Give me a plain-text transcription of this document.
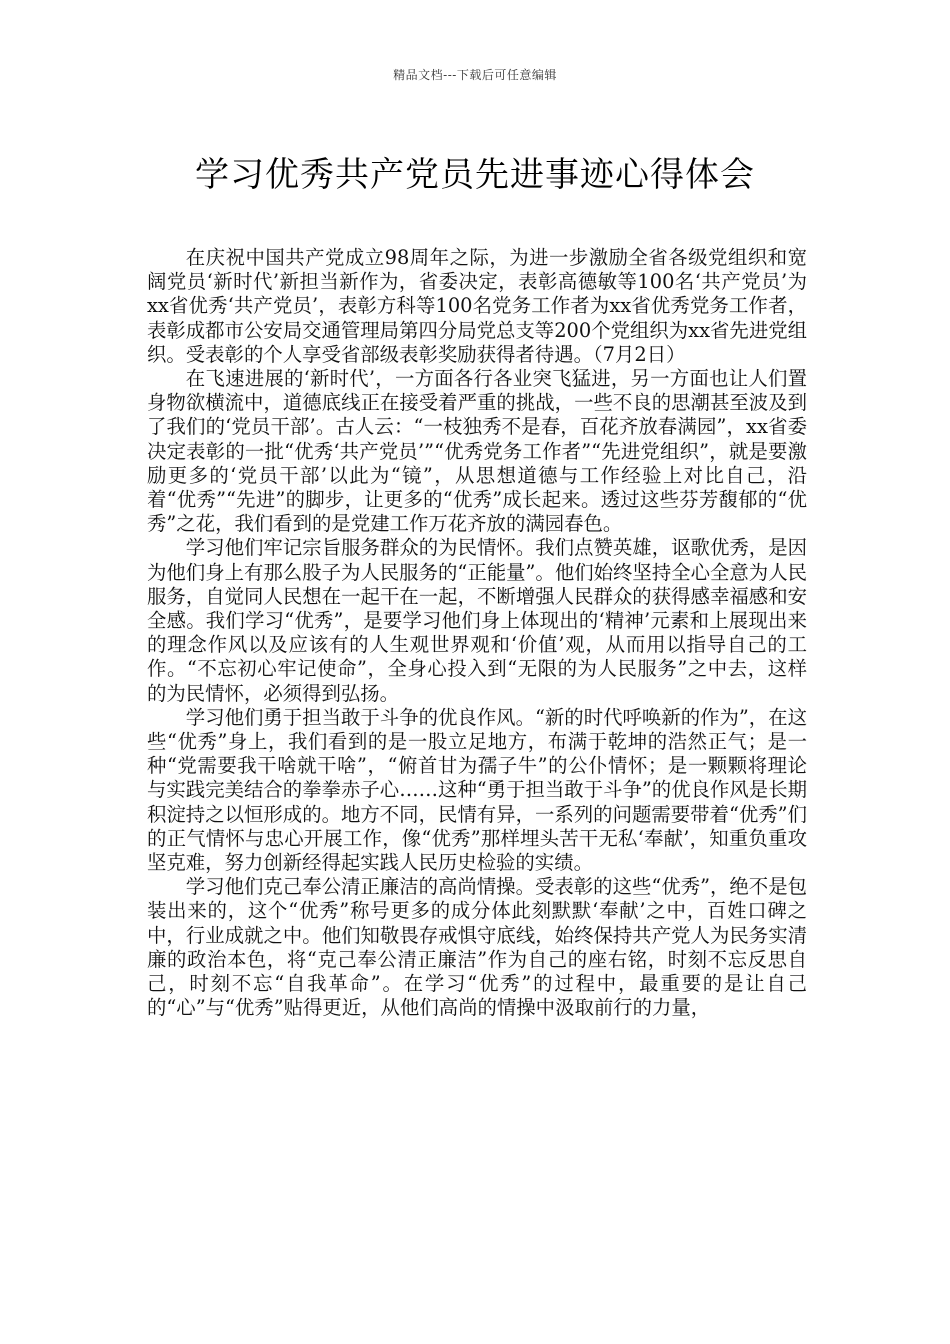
精品文档---下载后可任意编辑
学习优秀共产党员先进事迹心得体会

在庆祝中国共产党成立98周年之际，为进一步激励全省各级党组织和宽阔党员‘新时代’新担当新作为，省委决定，表彰高德敏等100名‘共产党员’为xx省优秀‘共产党员’，表彰方科等100名党务工作者为xx省优秀党务工作者，表彰成都市公安局交通管理局第四分局党总支等200个党组织为xx省先进党组织。受表彰的个人享受省部级表彰奖励获得者待遇。（7月2日）

在飞速进展的‘新时代’，一方面各行各业突飞猛进，另一方面也让人们置身物欲横流中，道德底线正在接受着严重的挑战，一些不良的思潮甚至波及到了我们的‘党员干部’。古人云：“一枝独秀不是春，百花齐放春满园”，xx省委决定表彰的一批“优秀‘共产党员’”“优秀党务工作者”“先进党组织”，就是要激励更多的‘党员干部’以此为“镜”，从思想道德与工作经验上对比自己，沿着“优秀”“先进”的脚步，让更多的“优秀”成长起来。透过这些芬芳馥郁的“优秀”之花，我们看到的是党建工作万花齐放的满园春色。

学习他们牢记宗旨服务群众的为民情怀。我们点赞英雄，讴歌优秀，是因为他们身上有那么股子为人民服务的“正能量”。他们始终坚持全心全意为人民服务，自觉同人民想在一起干在一起，不断增强人民群众的获得感幸福感和安全感。我们学习“优秀”，是要学习他们身上体现出的‘精神’元素和上展现出来的理念作风以及应该有的人生观世界观和‘价值’观，从而用以指导自己的工作。“不忘初心牢记使命”，全身心投入到“无限的为人民服务”之中去，这样的为民情怀，必须得到弘扬。

学习他们勇于担当敢于斗争的优良作风。“新的时代呼唤新的作为”，在这些“优秀”身上，我们看到的是一股立足地方，布满于乾坤的浩然正气；是一种“党需要我干啥就干啥”，“俯首甘为孺子牛”的公仆情怀；是一颗颗将理论与实践完美结合的拳拳赤子心……这种“勇于担当敢于斗争”的优良作风是长期积淀持之以恒形成的。地方不同，民情有异，一系列的问题需要带着“优秀”们的正气情怀与忠心开展工作，像“优秀”那样埋头苦干无私‘奉献’，知重负重攻坚克难，努力创新经得起实践人民历史检验的实绩。

学习他们克己奉公清正廉洁的高尚情操。受表彰的这些“优秀”，绝不是包装出来的，这个“优秀”称号更多的成分体此刻默默‘奉献’之中，百姓口碑之中，行业成就之中。他们知敬畏存戒惧守底线，始终保持共产党人为民务实清廉的政治本色，将“克己奉公清正廉洁”作为自己的座右铭，时刻不忘反思自己，时刻不忘“自我革命”。在学习“优秀”的过程中，最重要的是让自己的“心”与“优秀”贴得更近，从他们高尚的情操中汲取前行的力量，
